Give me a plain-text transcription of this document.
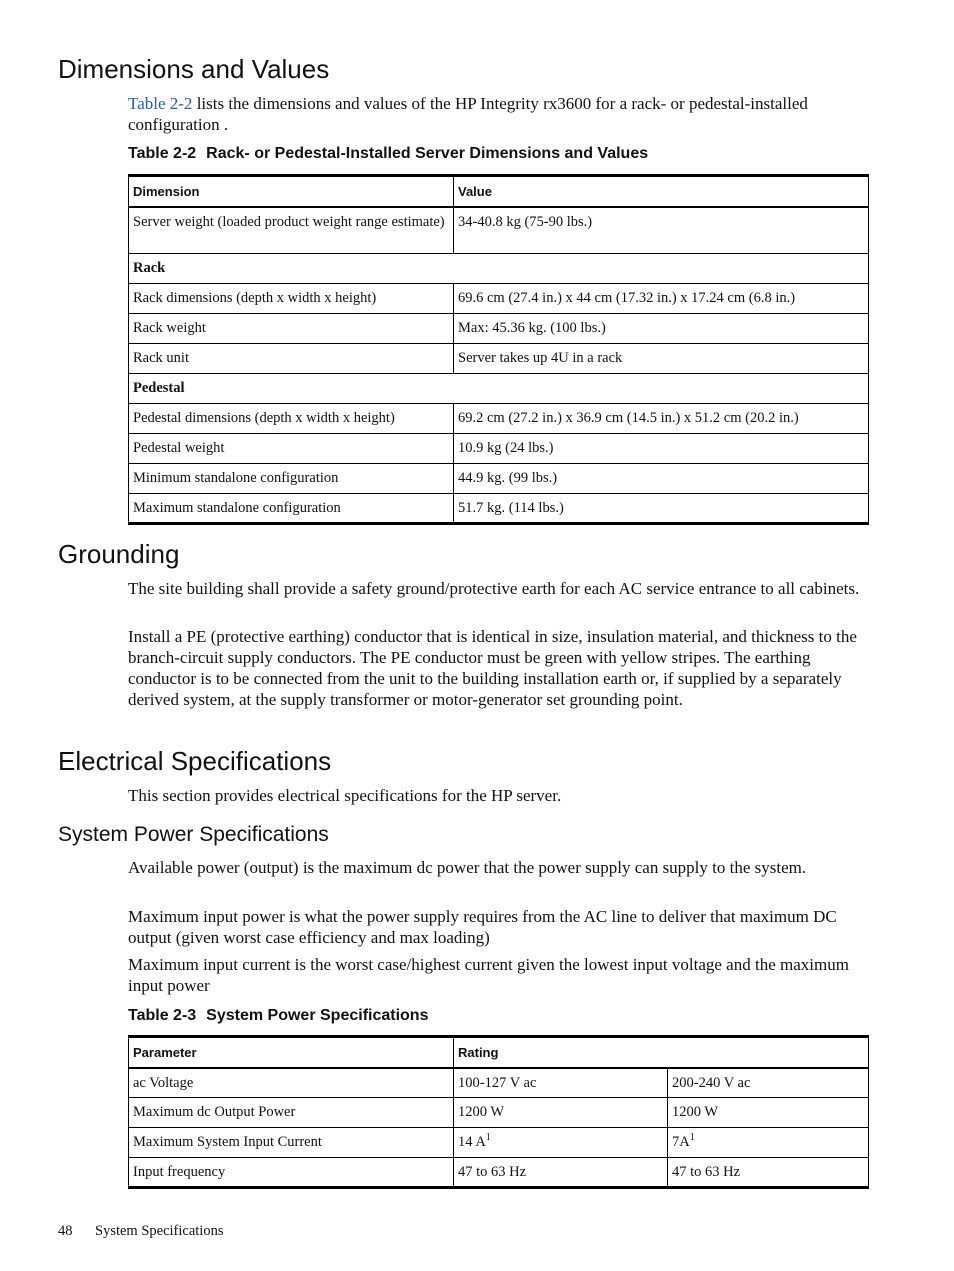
Dimensions and Values

Table 2-2 lists the dimensions and values of the HP Integrity rx3600 for a rack- or pedestal-installed configuration .

Table 2-2 Rack- or Pedestal-Installed Server Dimensions and Values

Dimension	Value
Server weight (loaded product weight range estimate)	34-40.8 kg (75-90 lbs.)
Rack	
Rack dimensions (depth x width x height)	69.6 cm (27.4 in.) x 44 cm (17.32 in.) x 17.24 cm (6.8 in.)
Rack weight	Max: 45.36 kg. (100 lbs.)
Rack unit	Server takes up 4U in a rack
Pedestal	
Pedestal dimensions (depth x width x height)	69.2 cm (27.2 in.) x 36.9 cm (14.5 in.) x 51.2 cm (20.2 in.)
Pedestal weight	10.9 kg (24 lbs.)
Minimum standalone configuration	44.9 kg. (99 lbs.)
Maximum standalone configuration	51.7 kg. (114 lbs.)
Grounding

The site building shall provide a safety ground/protective earth for each AC service entrance to all cabinets.

Install a PE (protective earthing) conductor that is identical in size, insulation material, and thickness to the branch-circuit supply conductors. The PE conductor must be green with yellow stripes. The earthing conductor is to be connected from the unit to the building installation earth or, if supplied by a separately derived system, at the supply transformer or motor-generator set grounding point.

Electrical Specifications

This section provides electrical specifications for the HP server.

System Power Specifications

Available power (output) is the maximum dc power that the power supply can supply to the system.

Maximum input power is what the power supply requires from the AC line to deliver that maximum DC output (given worst case efficiency and max loading)

Maximum input current is the worst case/highest current given the lowest input voltage and the maximum input power

Table 2-3 System Power Specifications

Parameter	Rating	
ac Voltage	100-127 V ac	200-240 V ac
Maximum dc Output Power	1200 W	1200 W
Maximum System Input Current	14 $A^1$	$7A^1$
Input frequency	47 to 63 Hz	47 to 63 Hz
48 System Specifications
